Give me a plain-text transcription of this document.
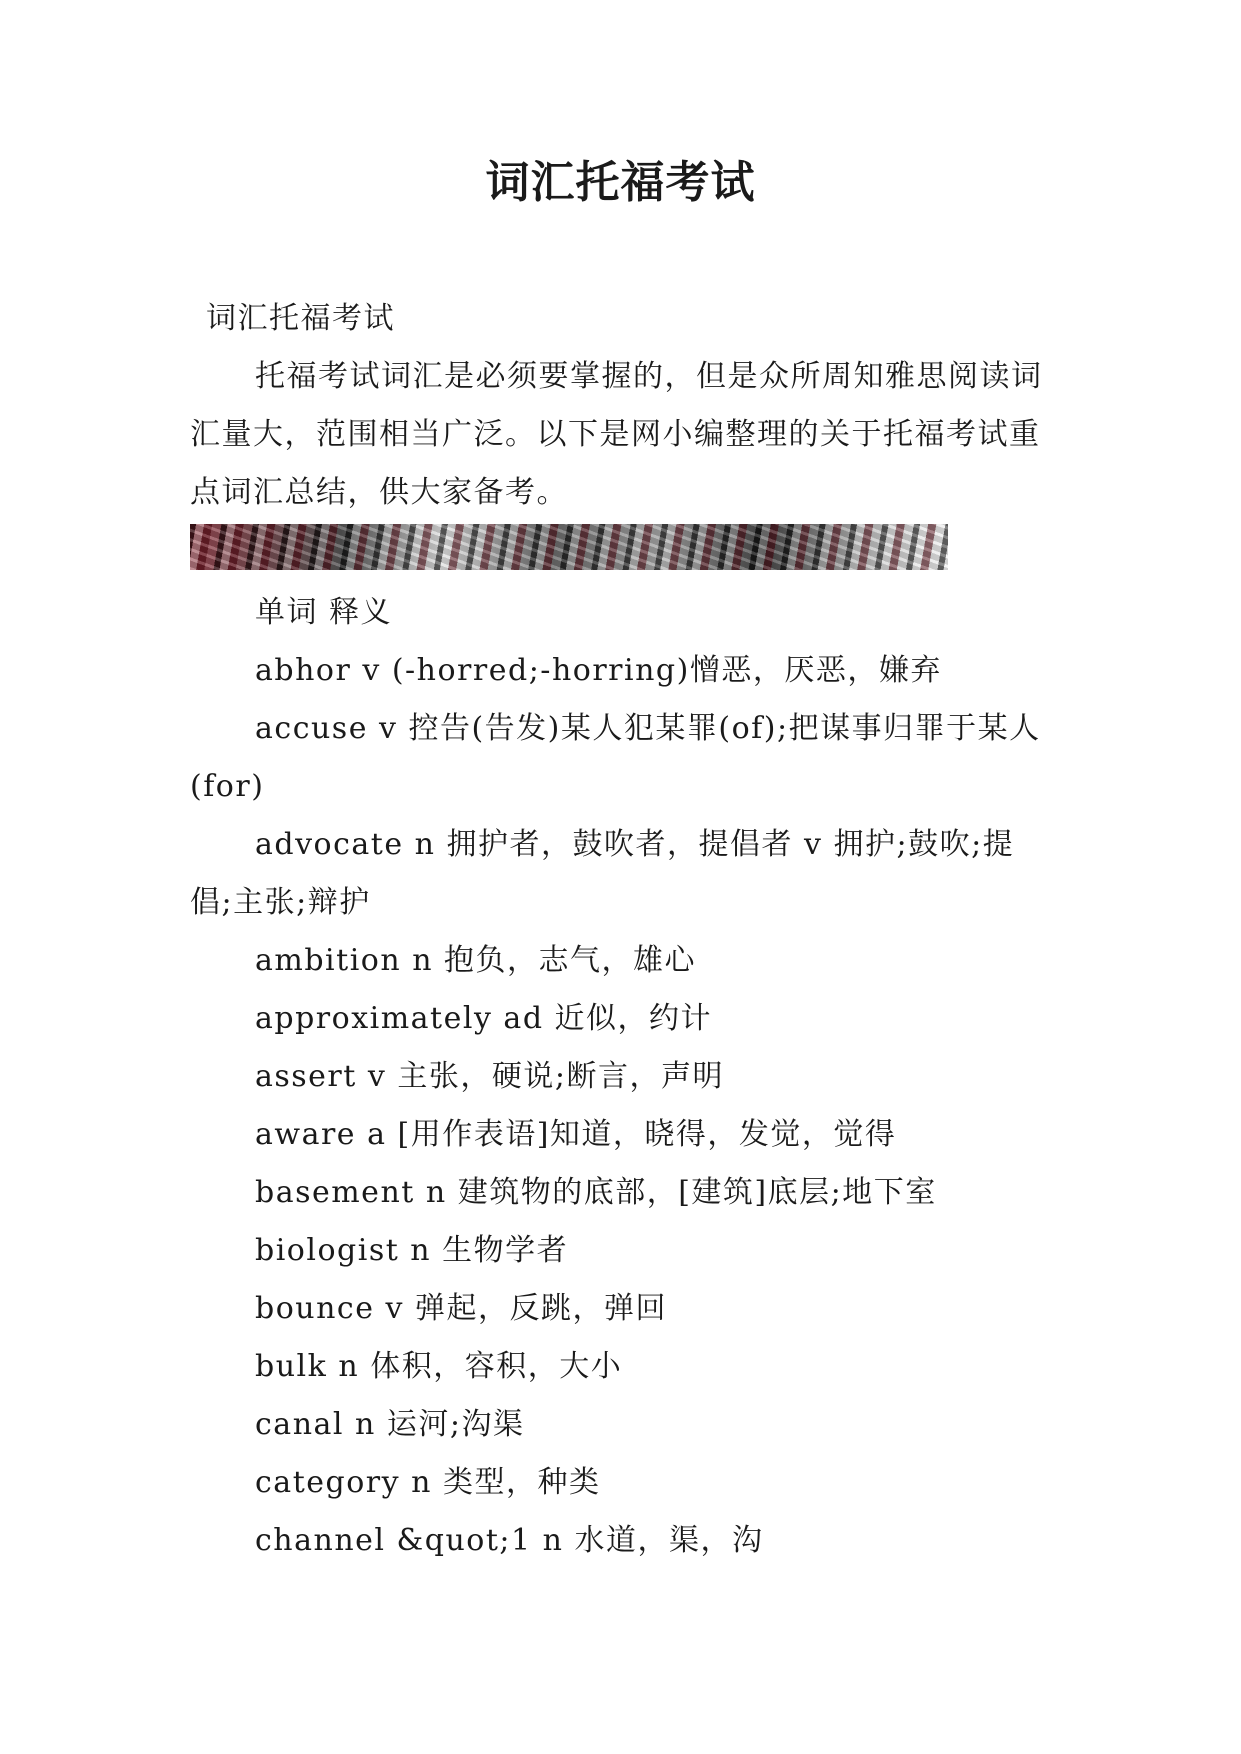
词汇托福考试

词汇托福考试

托福考试词汇是必须要掌握的，但是众所周知雅思阅读词汇量大，范围相当广泛。以下是网小编整理的关于托福考试重点词汇总结，供大家备考。

单词 释义

abhor v (-horred;-horring)憎恶，厌恶，嫌弃

accuse v 控告(告发)某人犯某罪(of);把谋事归罪于某人(for)

advocate n 拥护者，鼓吹者，提倡者 v 拥护;鼓吹;提倡;主张;辩护

ambition n 抱负，志气，雄心

approximately ad 近似，约计

assert v 主张，硬说;断言，声明

aware a [用作表语]知道，晓得，发觉，觉得

basement n 建筑物的底部，[建筑]底层;地下室

biologist n 生物学者

bounce v 弹起，反跳，弹回

bulk n 体积，容积，大小

canal n 运河;沟渠

category n 类型，种类

channel &quot;1 n 水道，渠，沟
